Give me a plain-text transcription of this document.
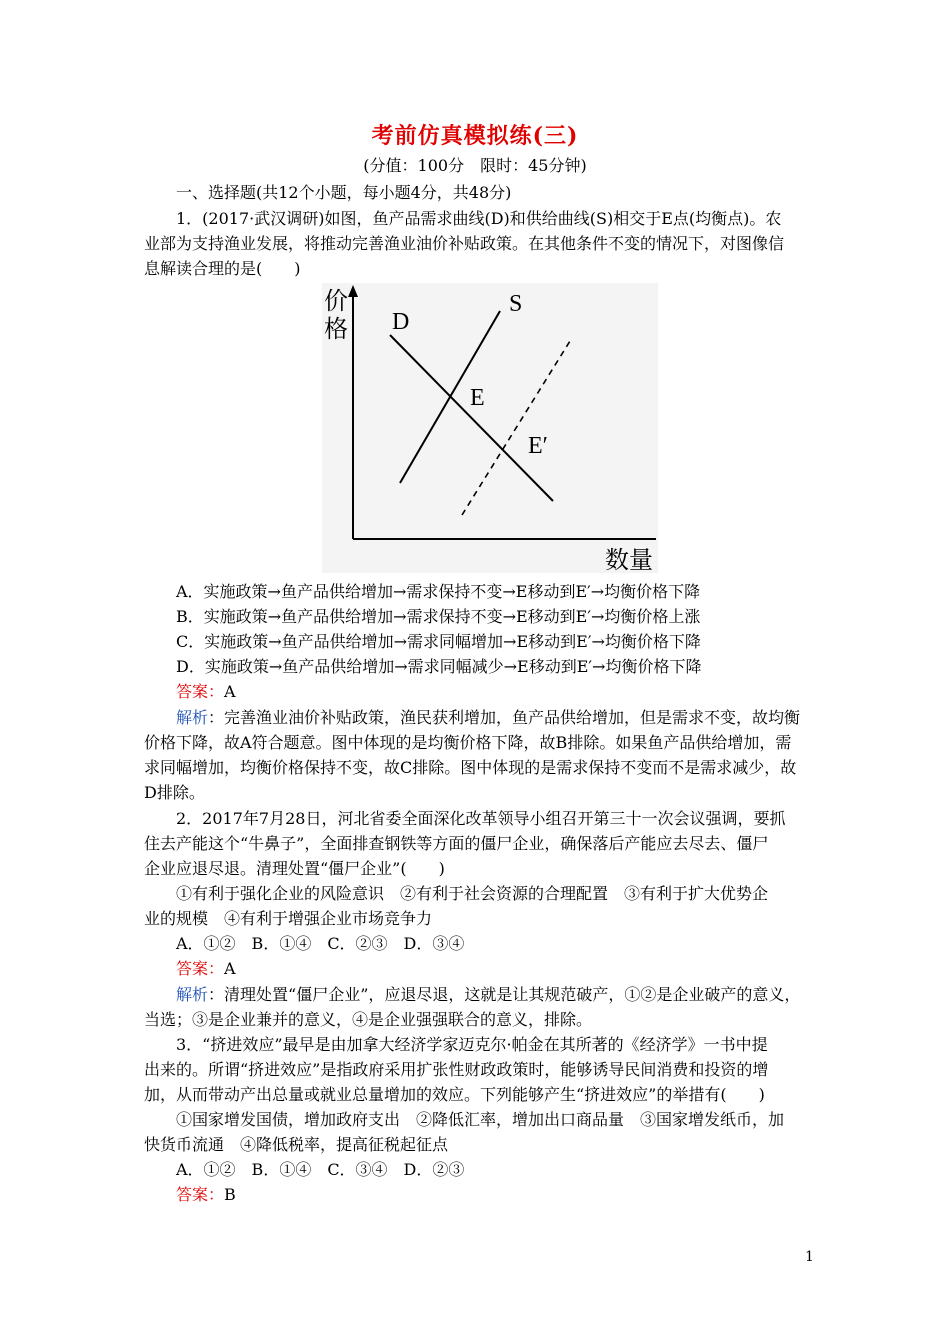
考前仿真模拟练(三)
(分值：100分　限时：45分钟)
一、选择题(共12个小题，每小题4分，共48分)
1．(2017·武汉调研)如图，鱼产品需求曲线(D)和供给曲线(S)相交于E点(均衡点)。农
业部为支持渔业发展，将推动完善渔业油价补贴政策。在其他条件不变的情况下，对图像信
息解读合理的是(　　)
价
格
数量
D
S
E
E′
A．实施政策→鱼产品供给增加→需求保持不变→E移动到E′→均衡价格下降
B．实施政策→鱼产品供给增加→需求保持不变→E移动到E′→均衡价格上涨
C．实施政策→鱼产品供给增加→需求同幅增加→E移动到E′→均衡价格下降
D．实施政策→鱼产品供给增加→需求同幅减少→E移动到E′→均衡价格下降
答案：A
解析：完善渔业油价补贴政策，渔民获利增加，鱼产品供给增加，但是需求不变，故均衡
价格下降，故A符合题意。图中体现的是均衡价格下降，故B排除。如果鱼产品供给增加，需
求同幅增加，均衡价格保持不变，故C排除。图中体现的是需求保持不变而不是需求减少，故
D排除。
2．2017年7月28日，河北省委全面深化改革领导小组召开第三十一次会议强调，要抓
住去产能这个“牛鼻子”，全面排查钢铁等方面的僵尸企业，确保落后产能应去尽去、僵尸
企业应退尽退。清理处置“僵尸企业”(　　)
①有利于强化企业的风险意识　②有利于社会资源的合理配置　③有利于扩大优势企
业的规模　④有利于增强企业市场竞争力
A．①②　B．①④　C．②③　D．③④
答案：A
解析：清理处置“僵尸企业”，应退尽退，这就是让其规范破产，①②是企业破产的意义，
当选；③是企业兼并的意义，④是企业强强联合的意义，排除。
3．“挤进效应”最早是由加拿大经济学家迈克尔·帕金在其所著的《经济学》一书中提
出来的。所谓“挤进效应”是指政府采用扩张性财政政策时，能够诱导民间消费和投资的增
加，从而带动产出总量或就业总量增加的效应。下列能够产生“挤进效应”的举措有(　　)
①国家增发国债，增加政府支出　②降低汇率，增加出口商品量　③国家增发纸币，加
快货币流通　④降低税率，提高征税起征点
A．①②　B．①④　C．③④　D．②③
答案：B
1
